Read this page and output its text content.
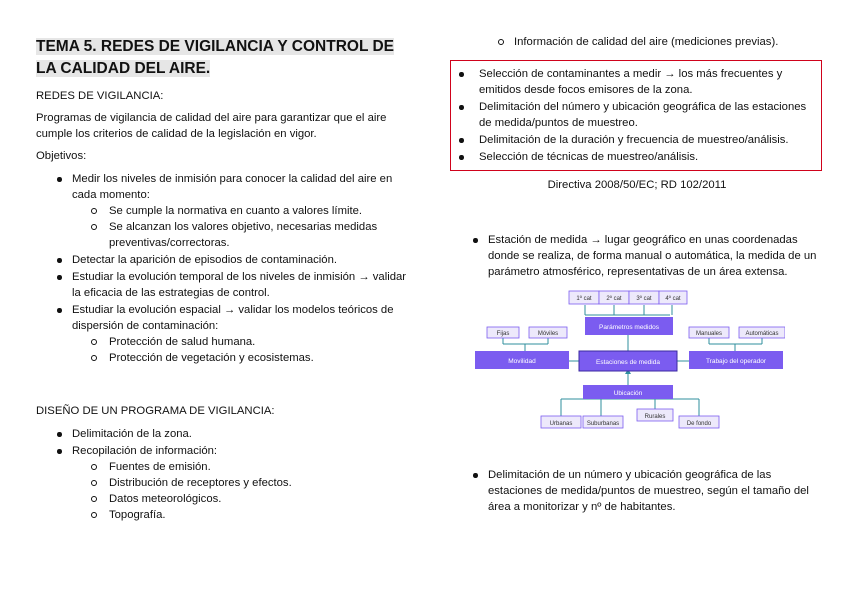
TEMA 5. REDES DE VIGILANCIA Y CONTROL DE LA CALIDAD DEL AIRE.

REDES DE VIGILANCIA:

Programas de vigilancia de calidad del aire para garantizar que el aire cumple los criterios de calidad de la legislación en vigor.

Objetivos:

Medir los niveles de inmisión para conocer la calidad del aire en cada momento:
Se cumple la normativa en cuanto a valores límite.
Se alcanzan los valores objetivo, necesarias medidas preventivas/correctoras.
Detectar la aparición de episodios de contaminación.
Estudiar la evolución temporal de los niveles de inmisión → validar la eficacia de las estrategias de control.
Estudiar la evolución espacial → validar los modelos teóricos de dispersión de contaminación:
Protección de salud humana.
Protección de vegetación y ecosistemas.

DISEÑO DE UN PROGRAMA DE VIGILANCIA:

Delimitación de la zona.
Recopilación de información:
Fuentes de emisión.
Distribución de receptores y efectos.
Datos meteorológicos.
Topografía.
Información de calidad del aire (mediciones previas).
Selección de contaminantes a medir → los más frecuentes y emitidos desde focos emisores de la zona.
Delimitación del número y ubicación geográfica de las estaciones de medida/puntos de muestreo.
Delimitación de la duración y frecuencia de muestreo/análisis.
Selección de técnicas de muestreo/análisis.

Directiva 2008/50/EC; RD 102/2011

Estación de medida → lugar geográfico en unas coordenadas donde se realiza, de forma manual o automática, la medida de un parámetro atmosférico, representativas de un área extensa.
1º cat 2º cat 3º cat 4º cat
Parámetros medidos
Fijas	Móviles	Manuales	Automáticas
Movilidad	Estaciones de medida	Trabajo del operador
Ubicación
Urbanas Suburbanas
Rurales
De fondo
Delimitación de un número y ubicación geográfica de las estaciones de medida/puntos de muestreo, según el tamaño del área a monitorizar y nº de habitantes.
